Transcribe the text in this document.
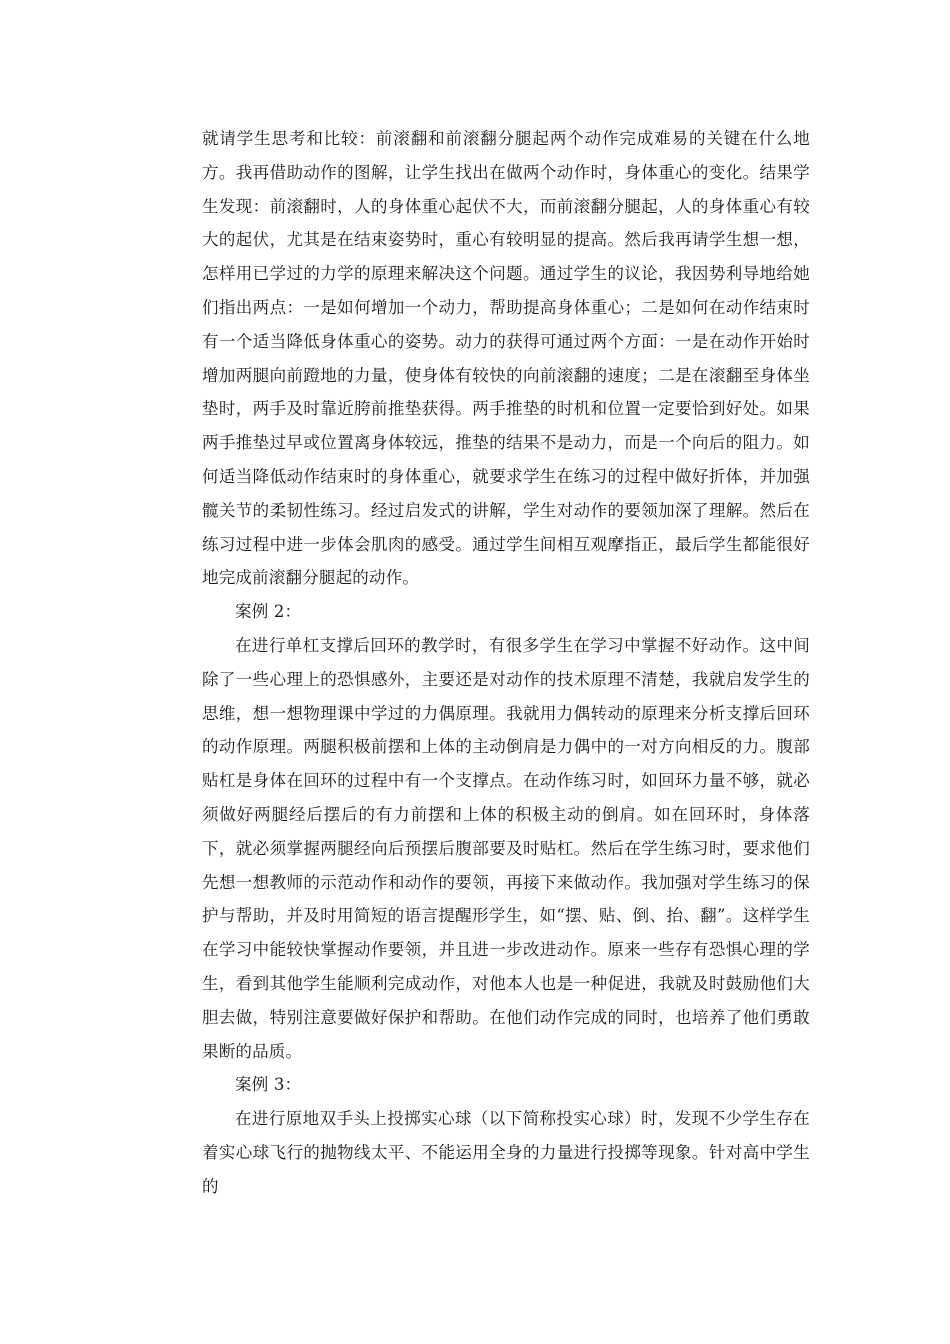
就请学生思考和比较：前滚翻和前滚翻分腿起两个动作完成难易的关键在什么地方。我再借助动作的图解，让学生找出在做两个动作时，身体重心的变化。结果学生发现：前滚翻时，人的身体重心起伏不大，而前滚翻分腿起，人的身体重心有较大的起伏，尤其是在结束姿势时，重心有较明显的提高。然后我再请学生想一想，怎样用已学过的力学的原理来解决这个问题。通过学生的议论，我因势利导地给她们指出两点：一是如何增加一个动力，帮助提高身体重心；二是如何在动作结束时有一个适当降低身体重心的姿势。动力的获得可通过两个方面：一是在动作开始时增加两腿向前蹬地的力量，使身体有较快的向前滚翻的速度；二是在滚翻至身体坐垫时，两手及时靠近胯前推垫获得。两手推垫的时机和位置一定要恰到好处。如果两手推垫过早或位置离身体较远，推垫的结果不是动力，而是一个向后的阻力。如何适当降低动作结束时的身体重心，就要求学生在练习的过程中做好折体，并加强髋关节的柔韧性练习。经过启发式的讲解，学生对动作的要领加深了理解。然后在练习过程中进一步体会肌肉的感受。通过学生间相互观摩指正，最后学生都能很好地完成前滚翻分腿起的动作。

案例 2：

在进行单杠支撑后回环的教学时，有很多学生在学习中掌握不好动作。这中间除了一些心理上的恐惧感外，主要还是对动作的技术原理不清楚，我就启发学生的思维，想一想物理课中学过的力偶原理。我就用力偶转动的原理来分析支撑后回环的动作原理。两腿积极前摆和上体的主动倒肩是力偶中的一对方向相反的力。腹部贴杠是身体在回环的过程中有一个支撑点。在动作练习时，如回环力量不够，就必须做好两腿经后摆后的有力前摆和上体的积极主动的倒肩。如在回环时，身体落下，就必须掌握两腿经向后预摆后腹部要及时贴杠。然后在学生练习时，要求他们先想一想教师的示范动作和动作的要领，再接下来做动作。我加强对学生练习的保护与帮助，并及时用简短的语言提醒形学生，如“摆、贴、倒、抬、翻”。这样学生在学习中能较快掌握动作要领，并且进一步改进动作。原来一些存有恐惧心理的学生，看到其他学生能顺利完成动作，对他本人也是一种促进，我就及时鼓励他们大胆去做，特别注意要做好保护和帮助。在他们动作完成的同时，也培养了他们勇敢果断的品质。

案例 3：

在进行原地双手头上投掷实心球（以下简称投实心球）时，发现不少学生存在着实心球飞行的抛物线太平、不能运用全身的力量进行投掷等现象。针对高中学生的
